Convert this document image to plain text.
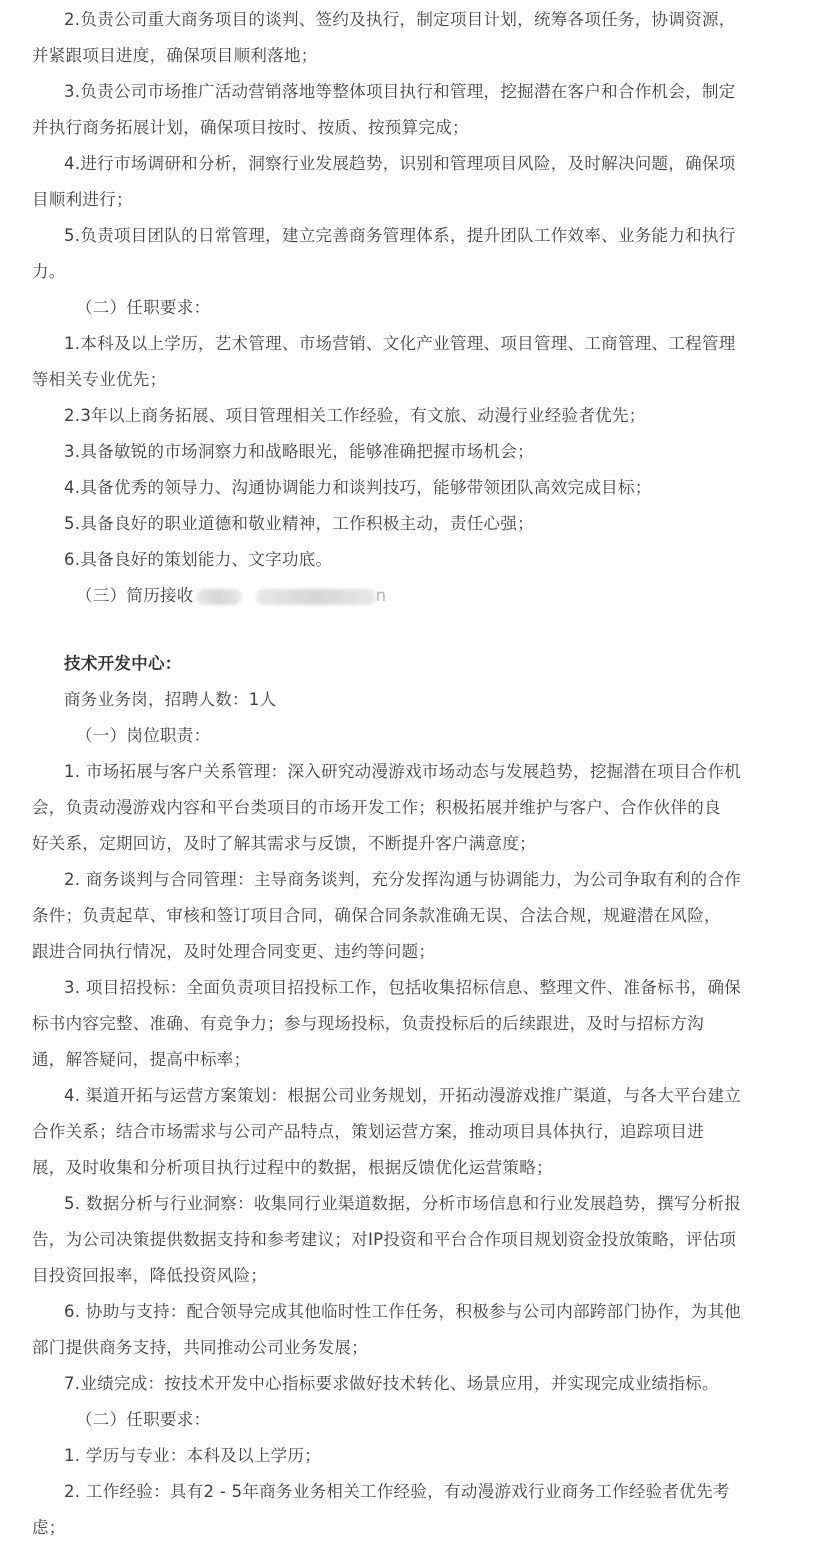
2.负责公司重大商务项目的谈判、签约及执行，制定项目计划，统筹各项任务，协调资源，

并紧跟项目进度，确保项目顺利落地；

3.负责公司市场推广活动营销落地等整体项目执行和管理，挖掘潜在客户和合作机会，制定

并执行商务拓展计划，确保项目按时、按质、按预算完成；

4.进行市场调研和分析，洞察行业发展趋势，识别和管理项目风险，及时解决问题，确保项

目顺利进行；

5.负责项目团队的日常管理，建立完善商务管理体系，提升团队工作效率、业务能力和执行

力。

（二）任职要求：

1.本科及以上学历，艺术管理、市场营销、文化产业管理、项目管理、工商管理、工程管理

等相关专业优先；

2.3年以上商务拓展、项目管理相关工作经验，有文旅、动漫行业经验者优先；

3.具备敏锐的市场洞察力和战略眼光，能够准确把握市场机会；

4.具备优秀的领导力、沟通协调能力和谈判技巧，能够带领团队高效完成目标；

5.具备良好的职业道德和敬业精神，工作积极主动，责任心强；

6.具备良好的策划能力、文字功底。

（三）简历接收	n

技术开发中心：

商务业务岗，招聘人数：1人

（一）岗位职责：

1. 市场拓展与客户关系管理：深入研究动漫游戏市场动态与发展趋势，挖掘潜在项目合作机

会，负责动漫游戏内容和平台类项目的市场开发工作；积极拓展并维护与客户、合作伙伴的良

好关系，定期回访，及时了解其需求与反馈，不断提升客户满意度；

2. 商务谈判与合同管理：主导商务谈判，充分发挥沟通与协调能力，为公司争取有利的合作

条件；负责起草、审核和签订项目合同，确保合同条款准确无误、合法合规，规避潜在风险，

跟进合同执行情况，及时处理合同变更、违约等问题；

3. 项目招投标：全面负责项目招投标工作，包括收集招标信息、整理文件、准备标书，确保

标书内容完整、准确、有竞争力；参与现场投标，负责投标后的后续跟进，及时与招标方沟

通，解答疑问，提高中标率；

4. 渠道开拓与运营方案策划：根据公司业务规划，开拓动漫游戏推广渠道，与各大平台建立

合作关系；结合市场需求与公司产品特点，策划运营方案，推动项目具体执行，追踪项目进

展，及时收集和分析项目执行过程中的数据，根据反馈优化运营策略；

5. 数据分析与行业洞察：收集同行业渠道数据，分析市场信息和行业发展趋势，撰写分析报

告，为公司决策提供数据支持和参考建议；对IP投资和平台合作项目规划资金投放策略，评估项

目投资回报率，降低投资风险；

6. 协助与支持：配合领导完成其他临时性工作任务，积极参与公司内部跨部门协作，为其他

部门提供商务支持，共同推动公司业务发展；

7.业绩完成：按技术开发中心指标要求做好技术转化、场景应用，并实现完成业绩指标。

（二）任职要求：

1. 学历与专业：本科及以上学历；

2. 工作经验：具有2 - 5年商务业务相关工作经验，有动漫游戏行业商务工作经验者优先考

虑；
